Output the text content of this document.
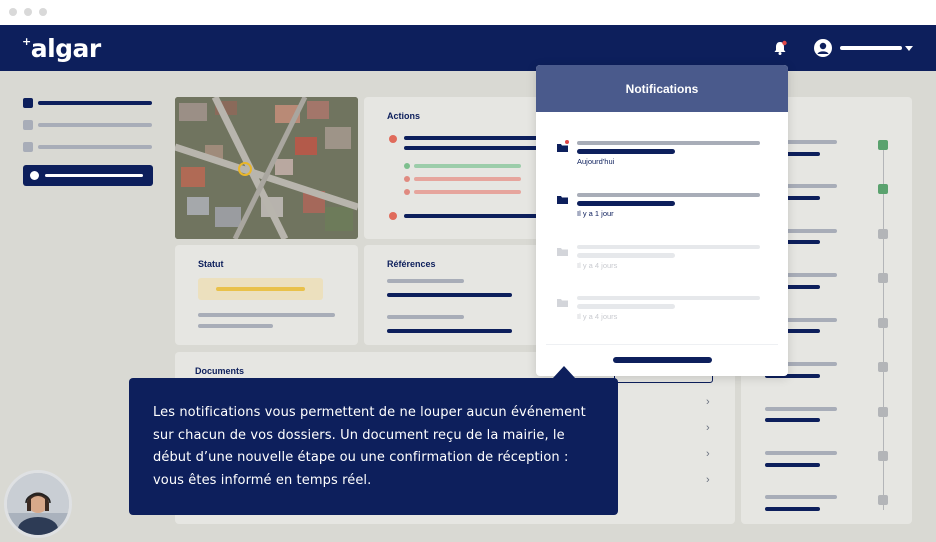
+algar
Actions
Statut	Références
Documents
›
›
›
›
Notifications
Aujourd'hui
Il y a 1 jour
Il y a 4 jours
Il y a 4 jours
Les notifications vous permettent de ne louper aucun événement sur chacun de vos dossiers. Un document reçu de la mairie, le début d’une nouvelle étape ou une confirmation de réception : vous êtes informé en temps réel.
